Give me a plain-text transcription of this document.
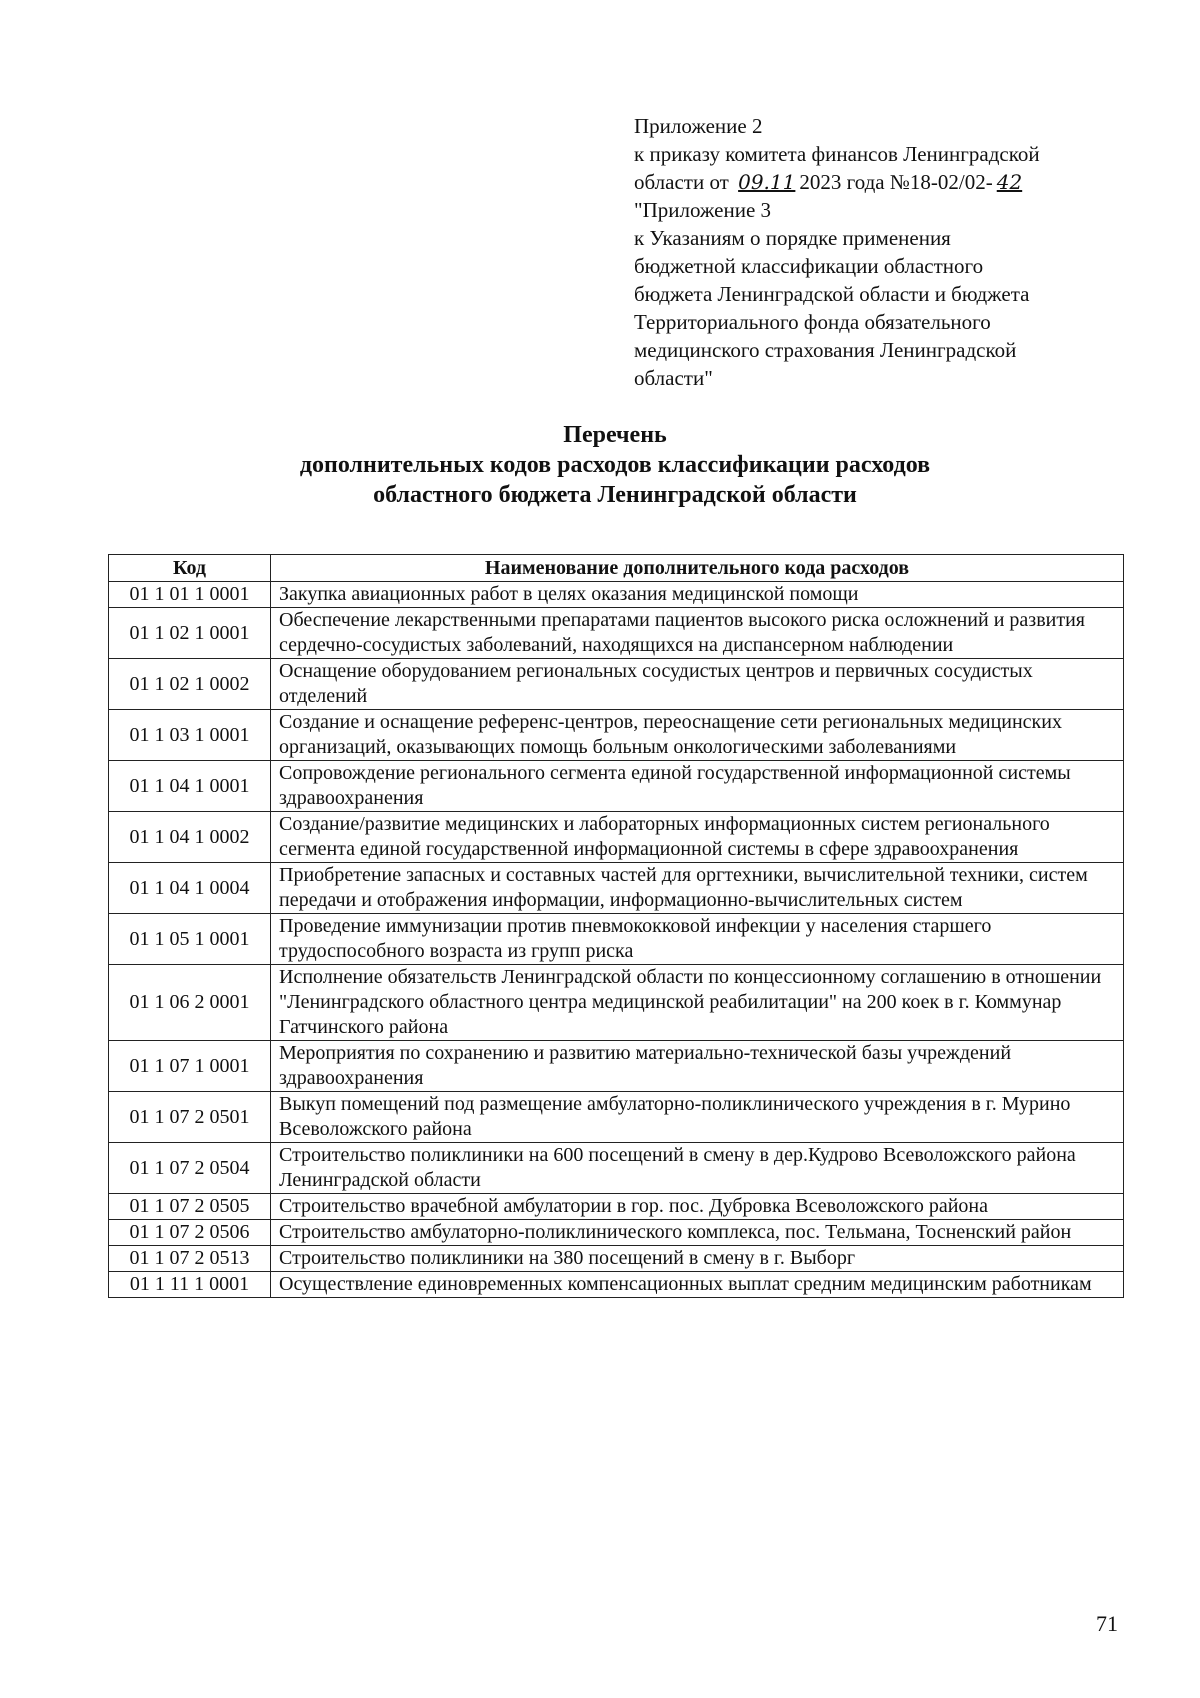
Приложение 2
к приказу комитета финансов Ленинградской
области от 09.11 2023 года №18-02/02- 42
"Приложение 3
к Указаниям о порядке применения
бюджетной классификации областного
бюджета Ленинградской области и бюджета
Территориального фонда обязательного
медицинского страхования Ленинградской
области"
Перечень
дополнительных кодов расходов классификации расходов
областного бюджета Ленинградской области
Код	Наименование дополнительного кода расходов
01 1 01 1 0001	Закупка авиационных работ в целях оказания медицинской помощи
01 1 02 1 0001	Обеспечение лекарственными препаратами пациентов высокого риска осложнений и развития сердечно-сосудистых заболеваний, находящихся на диспансерном наблюдении
01 1 02 1 0002	Оснащение оборудованием региональных сосудистых центров и первичных сосудистых отделений
01 1 03 1 0001	Создание и оснащение референс-центров, переоснащение сети региональных медицинских организаций, оказывающих помощь больным онкологическими заболеваниями
01 1 04 1 0001	Сопровождение регионального сегмента единой государственной информационной системы здравоохранения
01 1 04 1 0002	Создание/развитие медицинских и лабораторных информационных систем регионального сегмента единой государственной информационной системы в сфере здравоохранения
01 1 04 1 0004	Приобретение запасных и составных частей для оргтехники, вычислительной техники, систем передачи и отображения информации, информационно-вычислительных систем
01 1 05 1 0001	Проведение иммунизации против пневмококковой инфекции у населения старшего трудоспособного возраста из групп риска
01 1 06 2 0001	Исполнение обязательств Ленинградской области по концессионному соглашению в отношении "Ленинградского областного центра медицинской реабилитации" на 200 коек в г. Коммунар Гатчинского района
01 1 07 1 0001	Мероприятия по сохранению и развитию материально-технической базы учреждений здравоохранения
01 1 07 2 0501	Выкуп помещений под размещение амбулаторно-поликлинического учреждения в г. Мурино Всеволожского района
01 1 07 2 0504	Строительство поликлиники на 600 посещений в смену в дер.Кудрово Всеволожского района Ленинградской области
01 1 07 2 0505	Строительство врачебной амбулатории в гор. пос. Дубровка Всеволожского района
01 1 07 2 0506	Строительство амбулаторно-поликлинического комплекса, пос. Тельмана, Тосненский район
01 1 07 2 0513	Строительство поликлиники на 380 посещений в смену в г. Выборг
01 1 11 1 0001	Осуществление единовременных компенсационных выплат средним медицинским работникам
71
